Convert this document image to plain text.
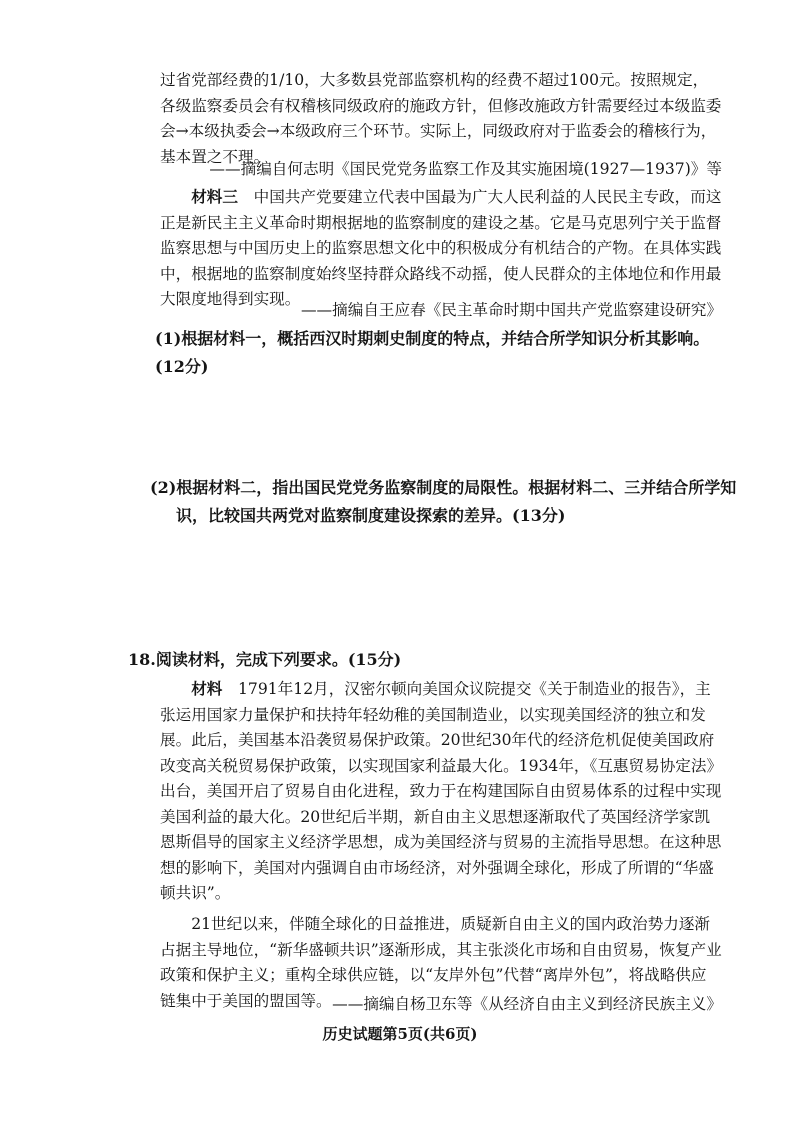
过省党部经费的1/10，大多数县党部监察机构的经费不超过100元。按照规定，各级监察委员会有权稽核同级政府的施政方针，但修改施政方针需要经过本级监委会→本级执委会→本级政府三个环节。实际上，同级政府对于监委会的稽核行为，基本置之不理。

——摘编自何志明《国民党党务监察工作及其实施困境(1927—1937)》等

材料三　 中国共产党要建立代表中国最为广大人民利益的人民民主专政，而这正是新民主主义革命时期根据地的监察制度的建设之基。它是马克思列宁关于监督监察思想与中国历史上的监察思想文化中的积极成分有机结合的产物。在具体实践中，根据地的监察制度始终坚持群众路线不动摇，使人民群众的主体地位和作用最大限度地得到实现。

——摘编自王应春《民主革命时期中国共产党监察建设研究》

(1)根据材料一，概括西汉时期刺史制度的特点，并结合所学知识分析其影响。(12分)

(2)根据材料二，指出国民党党务监察制度的局限性。根据材料二、三并结合所学知识，比较国共两党对监察制度建设探索的差异。(13分)

18.阅读材料，完成下列要求。(15分)

材料　 1791年12月，汉密尔顿向美国众议院提交《关于制造业的报告》，主张运用国家力量保护和扶持年轻幼稚的美国制造业，以实现美国经济的独立和发展。此后，美国基本沿袭贸易保护政策。20世纪30年代的经济危机促使美国政府改变高关税贸易保护政策，以实现国家利益最大化。1934年，《互惠贸易协定法》出台，美国开启了贸易自由化进程，致力于在构建国际自由贸易体系的过程中实现美国利益的最大化。20世纪后半期，新自由主义思想逐渐取代了英国经济学家凯恩斯倡导的国家主义经济学思想，成为美国经济与贸易的主流指导思想。在这种思想的影响下，美国对内强调自由市场经济，对外强调全球化，形成了所谓的“华盛顿共识”。

21世纪以来，伴随全球化的日益推进，质疑新自由主义的国内政治势力逐渐占据主导地位，“新华盛顿共识”逐渐形成，其主张淡化市场和自由贸易，恢复产业政策和保护主义；重构全球供应链，以“友岸外包”代替“离岸外包”，将战略供应链集中于美国的盟国等。 ——摘编自杨卫东等《从经济自由主义到经济民族主义》

历史试题第5页(共6页)
